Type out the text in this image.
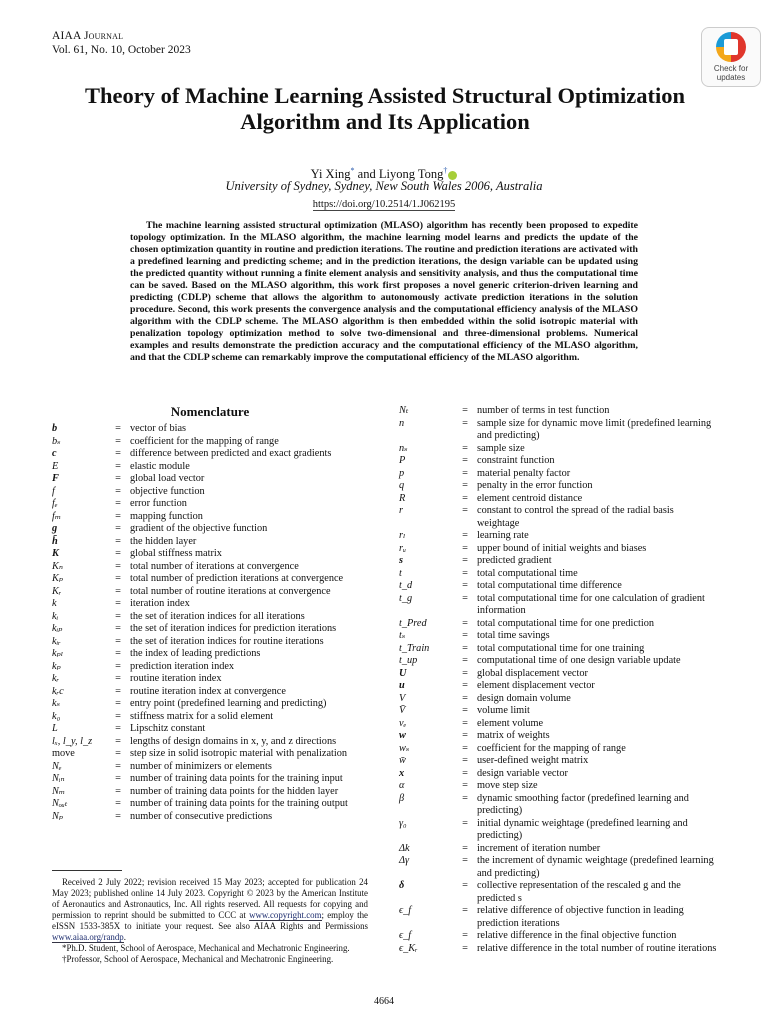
AIAA Journal
Vol. 61, No. 10, October 2023
Check for
updates
Theory of Machine Learning Assisted Structural Optimization
Algorithm and Its Application
Yi Xing* and Liyong Tong†
University of Sydney, Sydney, New South Wales 2006, Australia
https://doi.org/10.2514/1.J062195

The machine learning assisted structural optimization (MLASO) algorithm has recently been proposed to expedite topology optimization. In the MLASO algorithm, the machine learning model learns and predicts the update of the chosen optimization quantity in routine and prediction iterations. The routine and prediction iterations are activated with a predefined learning and predicting scheme; and in the prediction iterations, the design variable can be updated using the predicted quantity without running a finite element analysis and sensitivity analysis, and thus the computational time can be saved. Based on the MLASO algorithm, this work first proposes a novel generic criterion-driven learning and predicting (CDLP) scheme that allows the algorithm to autonomously activate prediction iterations in the solution procedure. Second, this work presents the convergence analysis and the computational efficiency analysis of the MLASO algorithm with the CDLP scheme. The MLASO algorithm is then embedded within the solid isotropic material with penalization topology optimization method to solve two-dimensional and three-dimensional problems. Numerical examples and results demonstrate the prediction accuracy and the computational efficiency of the MLASO algorithm, and that the CDLP scheme can remarkably improve the computational efficiency of the MLASO algorithm.

Nomenclature
b	= vector of bias
bₛ	= coefficient for the mapping of range
c	= difference between predicted and exact gradients
E	= elastic module
F	= global load vector
f	= objective function
fₑ	= error function
fₘ	= mapping function
g	= gradient of the objective function
h̄	= the hidden layer
K	= global stiffness matrix
Kₙ	= total number of iterations at convergence
Kₚ	= total number of prediction iterations at convergence
Kᵣ	= total number of routine iterations at convergence
k	= iteration index
kᵢ	= the set of iteration indices for all iterations
kᵢₚ	= the set of iteration indices for prediction iterations
kᵢᵣ	= the set of iteration indices for routine iterations
kₚₗ	= the index of leading predictions
kₚ	= prediction iteration index
kᵣ	= routine iteration index
kᵣc	= routine iteration index at convergence
kₛ	= entry point (predefined learning and predicting)
k₀	= stiffness matrix for a solid element
L	= Lipschitz constant
lₓ, l_y, l_z	= lengths of design domains in x, y, and z directions
move	= step size in solid isotropic material with penalization
Nₑ	= number of minimizers or elements
Nᵢₙ	= number of training data points for the training input
Nₘ	= number of training data points for the hidden layer
Nₒᵤₜ	= number of training data points for the training output
Nₚ	= number of consecutive predictions
Nₜ	= number of terms in test function
n	= sample size for dynamic move limit (predefined learning and predicting)
nₛ	= sample size
P	= constraint function
p	= material penalty factor
q	= penalty in the error function
R	= element centroid distance
r	= constant to control the spread of the radial basis weightage
rₗ	= learning rate
rᵤ	= upper bound of initial weights and biases
s	= predicted gradient
t	= total computational time
t_d	= total computational time difference
t_g	= total computational time for one calculation of gradient information
t_Pred	= total computational time for one prediction
tₛ	= total time savings
t_Train	= total computational time for one training
t_up	= computational time of one design variable update
U	= global displacement vector
u	= element displacement vector
V	= design domain volume
V̄	= volume limit
vₑ	= element volume
w	= matrix of weights
wₛ	= coefficient for the mapping of range
w̄	= user-defined weight matrix
x	= design variable vector
α	= move step size
β	= dynamic smoothing factor (predefined learning and predicting)
γ₀	= initial dynamic weightage (predefined learning and predicting)
Δk	= increment of iteration number
Δγ	= the increment of dynamic weightage (predefined learning and predicting)
δ	= collective representation of the rescaled g and the predicted s
ϵ_f	= relative difference of objective function in leading prediction iterations
ϵ_f	= relative difference in the final objective function
ϵ_Kᵣ	= relative difference in the total number of routine iterations

Received 2 July 2022; revision received 15 May 2023; accepted for publication 24 May 2023; published online 14 July 2023. Copyright © 2023 by the American Institute of Aeronautics and Astronautics, Inc. All rights reserved. All requests for copying and permission to reprint should be submitted to CCC at www.copyright.com; employ the eISSN 1533-385X to initiate your request. See also AIAA Rights and Permissions www.aiaa.org/randp.

*Ph.D. Student, School of Aerospace, Mechanical and Mechatronic Engineering.

†Professor, School of Aerospace, Mechanical and Mechatronic Engineering.

4664
